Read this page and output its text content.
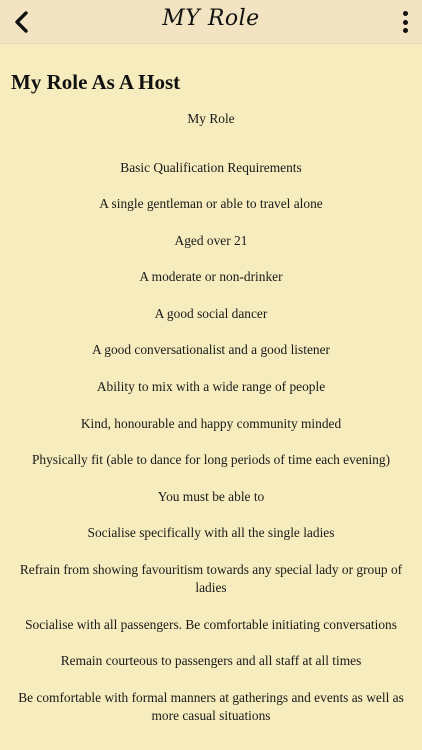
MY Role
My Role As A Host

My Role

Basic Qualification Requirements

A single gentleman or able to travel alone

Aged over 21

A moderate or non-drinker

A good social dancer

A good conversationalist and a good listener

Ability to mix with a wide range of people

Kind, honourable and happy community minded

Physically fit (able to dance for long periods of time each evening)

You must be able to

Socialise specifically with all the single ladies

Refrain from showing favouritism towards any special lady or group of ladies

Socialise with all passengers. Be comfortable initiating conversations

Remain courteous to passengers and all staff at all times

Be comfortable with formal manners at gatherings and events as well as more casual situations
